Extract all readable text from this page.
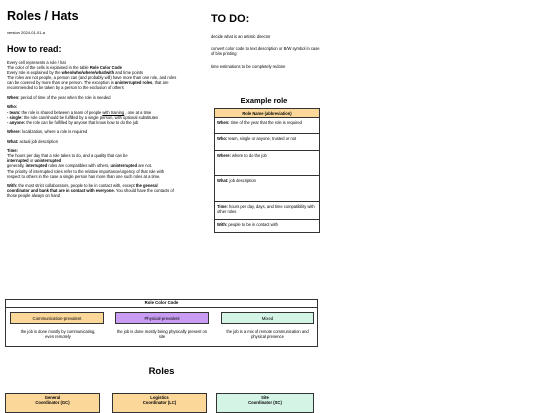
Roles / Hats
version 2024-01-01-a
How to read:

Every cell represents a role / hat
The color of the cells is explained in the table Role Color Code
Every role is explained by the when/who/where/what/with and time points
The roles are not people, a person can (and probably will) have more than one role, and roles can be covered by more than one person. The exception is uninterrupted roles, that are recommended to be taken by a person to the exclusion of others

When: period of time of the year when the role is needed

Who:
- team: the role is shared between a team of people with training , one at a time
- single: the role can/should be fulfilled by a single person, with optional substitutes
- anyone: the role can be fulfilled by anyone that know how to do the job

Where: localization, where a role is required

What: actual job description

Time:
The hours per day that a role takes to do, and a quality that can be
interrupted or uninterrupted
generally, interrupted roles are compatibles with others, uninterrupted are not.
The priority of interrupted roles refer to the relative importance/urgency of that role with respect to others in the case a single person has more than one such roles at a time.

With: the most strict collaborators, people to be in contact with, except the general coordinator and bank that are in contact with everyone. You should have the contacts of those people always on hand

TO DO:
decide what is an artistic director
convert color code to text description or B/W symbol in case of b/w printing
time estimations to be completely redone
Example role
Role Name (abbreviation)
When: time of the year that the role is required
Who: team, single or anyone, trusted or not
Where: where to do the job
What: job description
Time: hours per day, days, and time compatibility with other roles
With: people to be in contact with
Role Color Code
Communication-prevalent	Physical-prevalent	Mixed
the job is done mostly by communicating, even remotely
the job is done mostly being physically present on site
the job is a mix of remote communication and physical presence
Roles
General
Coordinator (GC)
Logistics
Coordinator (LC)
Site
Coordinator (SC)
